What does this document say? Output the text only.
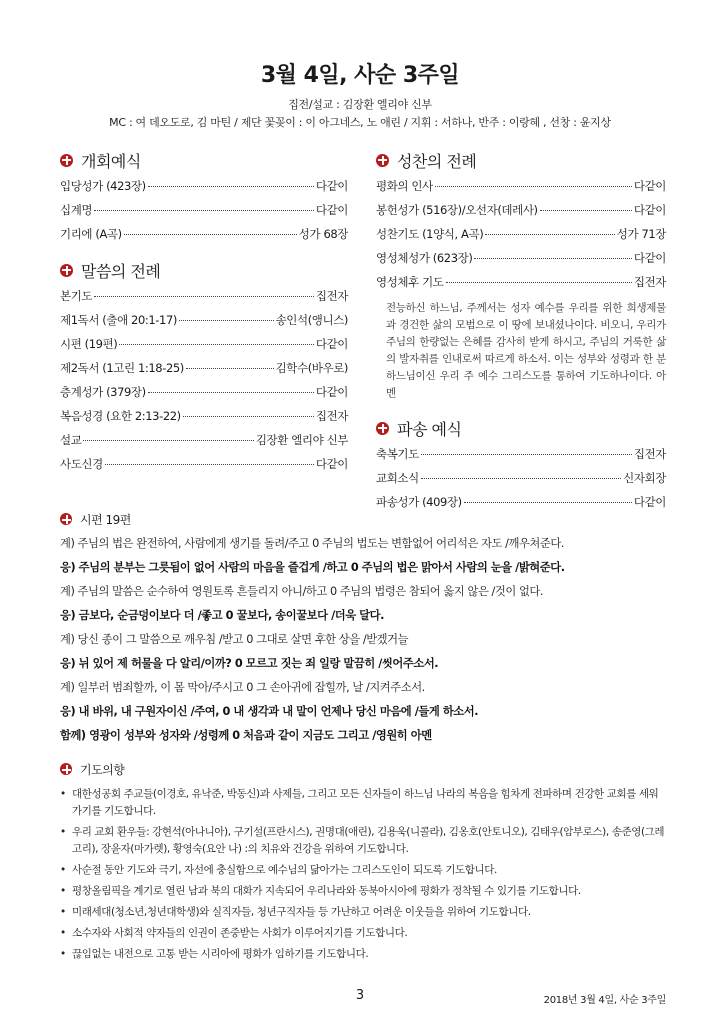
3월 4일, 사순 3주일
집전/설교 : 김장환 엘리야 신부
MC : 여 데오도로, 김 마틴 / 제단 꽃꽂이 : 이 아그네스, 노 애린 / 지휘 : 서하나, 반주 : 이랑혜 , 선창 : 윤지상
개회예식
입당성가 (423장)	다같이
십계명	다같이
기리에 (A곡)	성가 68장
말씀의 전례
본기도	집전자
제1독서 (출애 20:1-17)	송인석(앵니스)
시편 (19편)	다같이
제2독서 (1고린 1:18-25)	김학수(바우로)
층계성가 (379장)	다같이
복음성경 (요한 2:13-22)	집전자
설교	김장환 엘리야 신부
사도신경	다같이
성찬의 전례
평화의 인사	다같이
봉헌성가 (516장)/오선자(데레사)	다같이
성찬기도 (1양식, A곡)	성가 71장
영성체성가 (623장)	다같이
영성체후 기도	집전자
전능하신 하느님, 주께서는 성자 예수를 우리를 위한 희생제물과 경건한 삶의 모범으로 이 땅에 보내셨나이다. 비오니, 우리가 주님의 한량없는 은혜를 감사히 받게 하시고, 주님의 거룩한 삶의 발자취를 인내로써 따르게 하소서. 이는 성부와 성령과 한 분 하느님이신 우리 주 예수 그리스도를 통하여 기도하나이다. 아멘
파송 예식
축복기도	집전자
교회소식	신자회장
파송성가 (409장)	다같이
시편 19편
계) 주님의 법은 완전하여, 사람에게 생기를 돌려/주고 0 주님의 법도는 변함없어 어리석은 자도 /깨우쳐준다.
응) 주님의 분부는 그릇됨이 없어 사람의 마음을 즐겁게 /하고 0 주님의 법은 맑아서 사람의 눈을 /밝혀준다.
계) 주님의 말씀은 순수하여 영원토록 흔들리지 아니/하고 0 주님의 법령은 참되어 옳지 않은 /것이 없다.
응) 금보다, 순금덩이보다 더 /좋고 0 꿀보다, 송이꿀보다 /더욱 달다.
계) 당신 종이 그 말씀으로 깨우침 /받고 0 그대로 살면 후한 상을 /받겠거늘
응) 뉘 있어 제 허물을 다 알리/이까? 0 모르고 짓는 죄 일랑 말끔히 /씻어주소서.
계) 일부러 범죄할까, 이 몸 막아/주시고 0 그 손아귀에 잡힐까, 날 /지켜주소서.
응) 내 바위, 내 구원자이신 /주여, 0 내 생각과 내 말이 언제나 당신 마음에 /들게 하소서.
함께) 영광이 성부와 성자와 /성령께 0 처음과 같이 지금도 그리고 /영원히 아멘
기도의향
• 대한성공회 주교들(이경호, 유낙준, 박동신)과 사제들, 그리고 모든 신자들이 하느님 나라의 복음을 힘차게 전파하며 건강한 교회를 세워가기를 기도합니다.
• 우리 교회 환우들: 강현석(아나니아), 구기설(프란시스), 권명대(애린), 김용욱(니콜라), 김옹호(안토니오), 김태우(암부로스), 송준영(그레고리), 장윤자(마가렛), 황영숙(요안 나) :의 치유와 건강을 위하여 기도합니다.
• 사순절 동안 기도와 극기, 자선에 충실함으로 예수님의 닮아가는 그리스도인이 되도록 기도합니다.
• 평창올림픽을 계기로 열린 남과 북의 대화가 지속되어 우리나라와 동북아시아에 평화가 정착될 수 있기를 기도합니다.
• 미래세대(청소년,청년대학생)와 실직자들, 청년구직자들 등 가난하고 어려운 이웃들을 위하여 기도합니다.
• 소수자와 사회적 약자들의 인권이 존중받는 사회가 이루어지기를 기도합니다.
• 끊임없는 내전으로 고통 받는 시리아에 평화가 임하기를 기도합니다.
3	2018년 3월 4일, 사순 3주일
